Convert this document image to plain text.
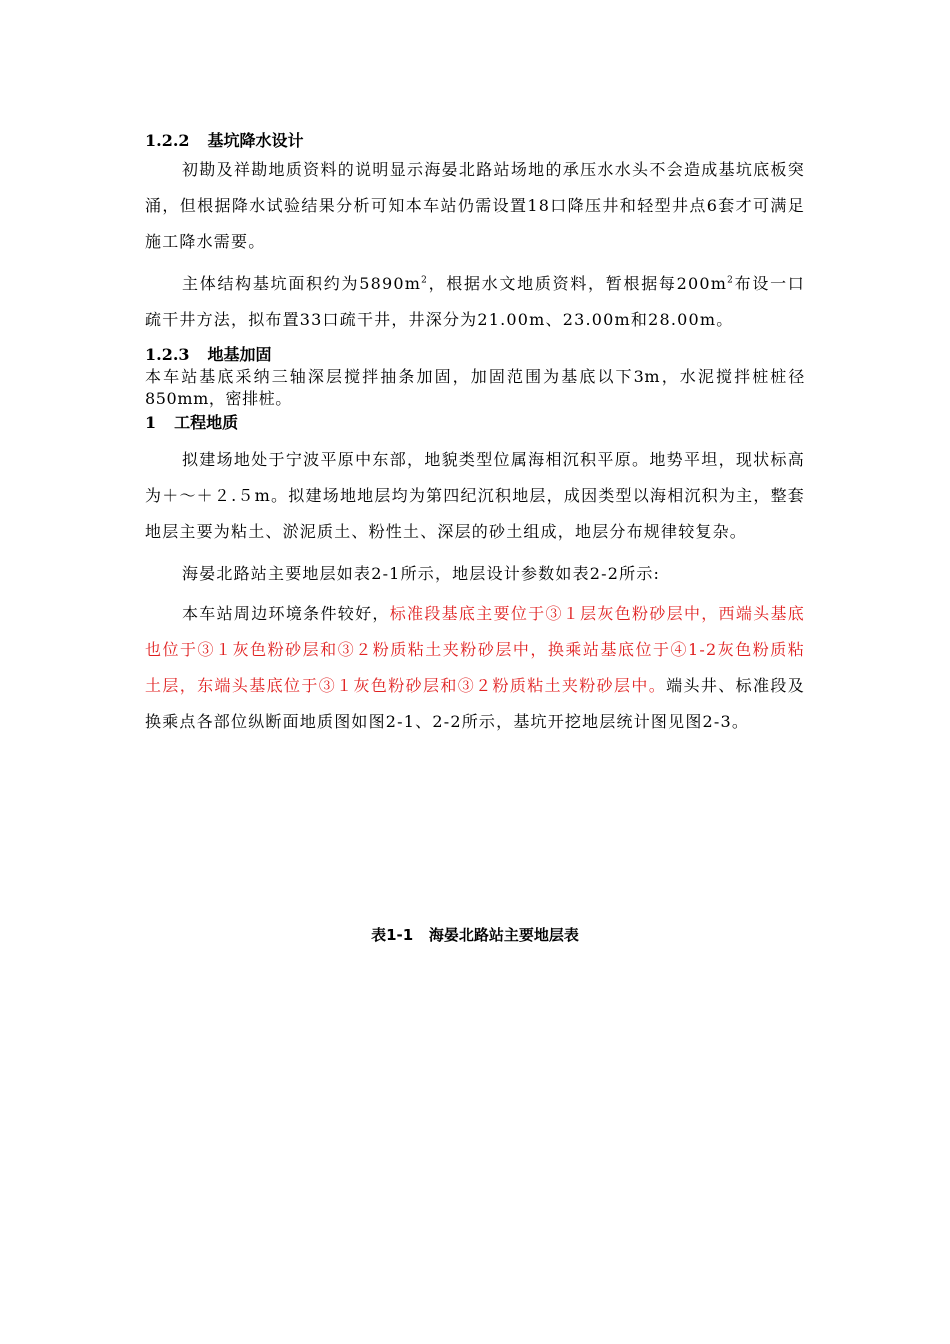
1.2.2 基坑降水设计

初勘及祥勘地质资料的说明显示海晏北路站场地的承压水水头不会造成基坑底板突涌，但根据降水试验结果分析可知本车站仍需设置18口降压井和轻型井点6套才可满足施工降水需要。

主体结构基坑面积约为$5890m^2$，根据水文地质资料，暂根据每$200m^2$布设一口疏干井方法，拟布置33口疏干井，井深分为21.00m、23.00m和28.00m。

1.2.3 地基加固

本车站基底采纳三轴深层搅拌抽条加固，加固范围为基底以下3m，水泥搅拌桩桩径850mm，密排桩。

1 工程地质

拟建场地处于宁波平原中东部，地貌类型位属海相沉积平原。地势平坦，现状标高为＋～＋２.５m。拟建场地地层均为第四纪沉积地层，成因类型以海相沉积为主，整套地层主要为粘土、淤泥质土、粉性土、深层的砂土组成，地层分布规律较复杂。

海晏北路站主要地层如表2-1所示，地层设计参数如表2-2所示:

本车站周边环境条件较好，标准段基底主要位于③１层灰色粉砂层中，西端头基底也位于③１灰色粉砂层和③２粉质粘土夹粉砂层中，换乘站基底位于④1-2灰色粉质粘土层，东端头基底位于③１灰色粉砂层和③２粉质粘土夹粉砂层中。端头井、标准段及换乘点各部位纵断面地质图如图2-1、2-2所示，基坑开挖地层统计图见图2-3。

表1-1 海晏北路站主要地层表
